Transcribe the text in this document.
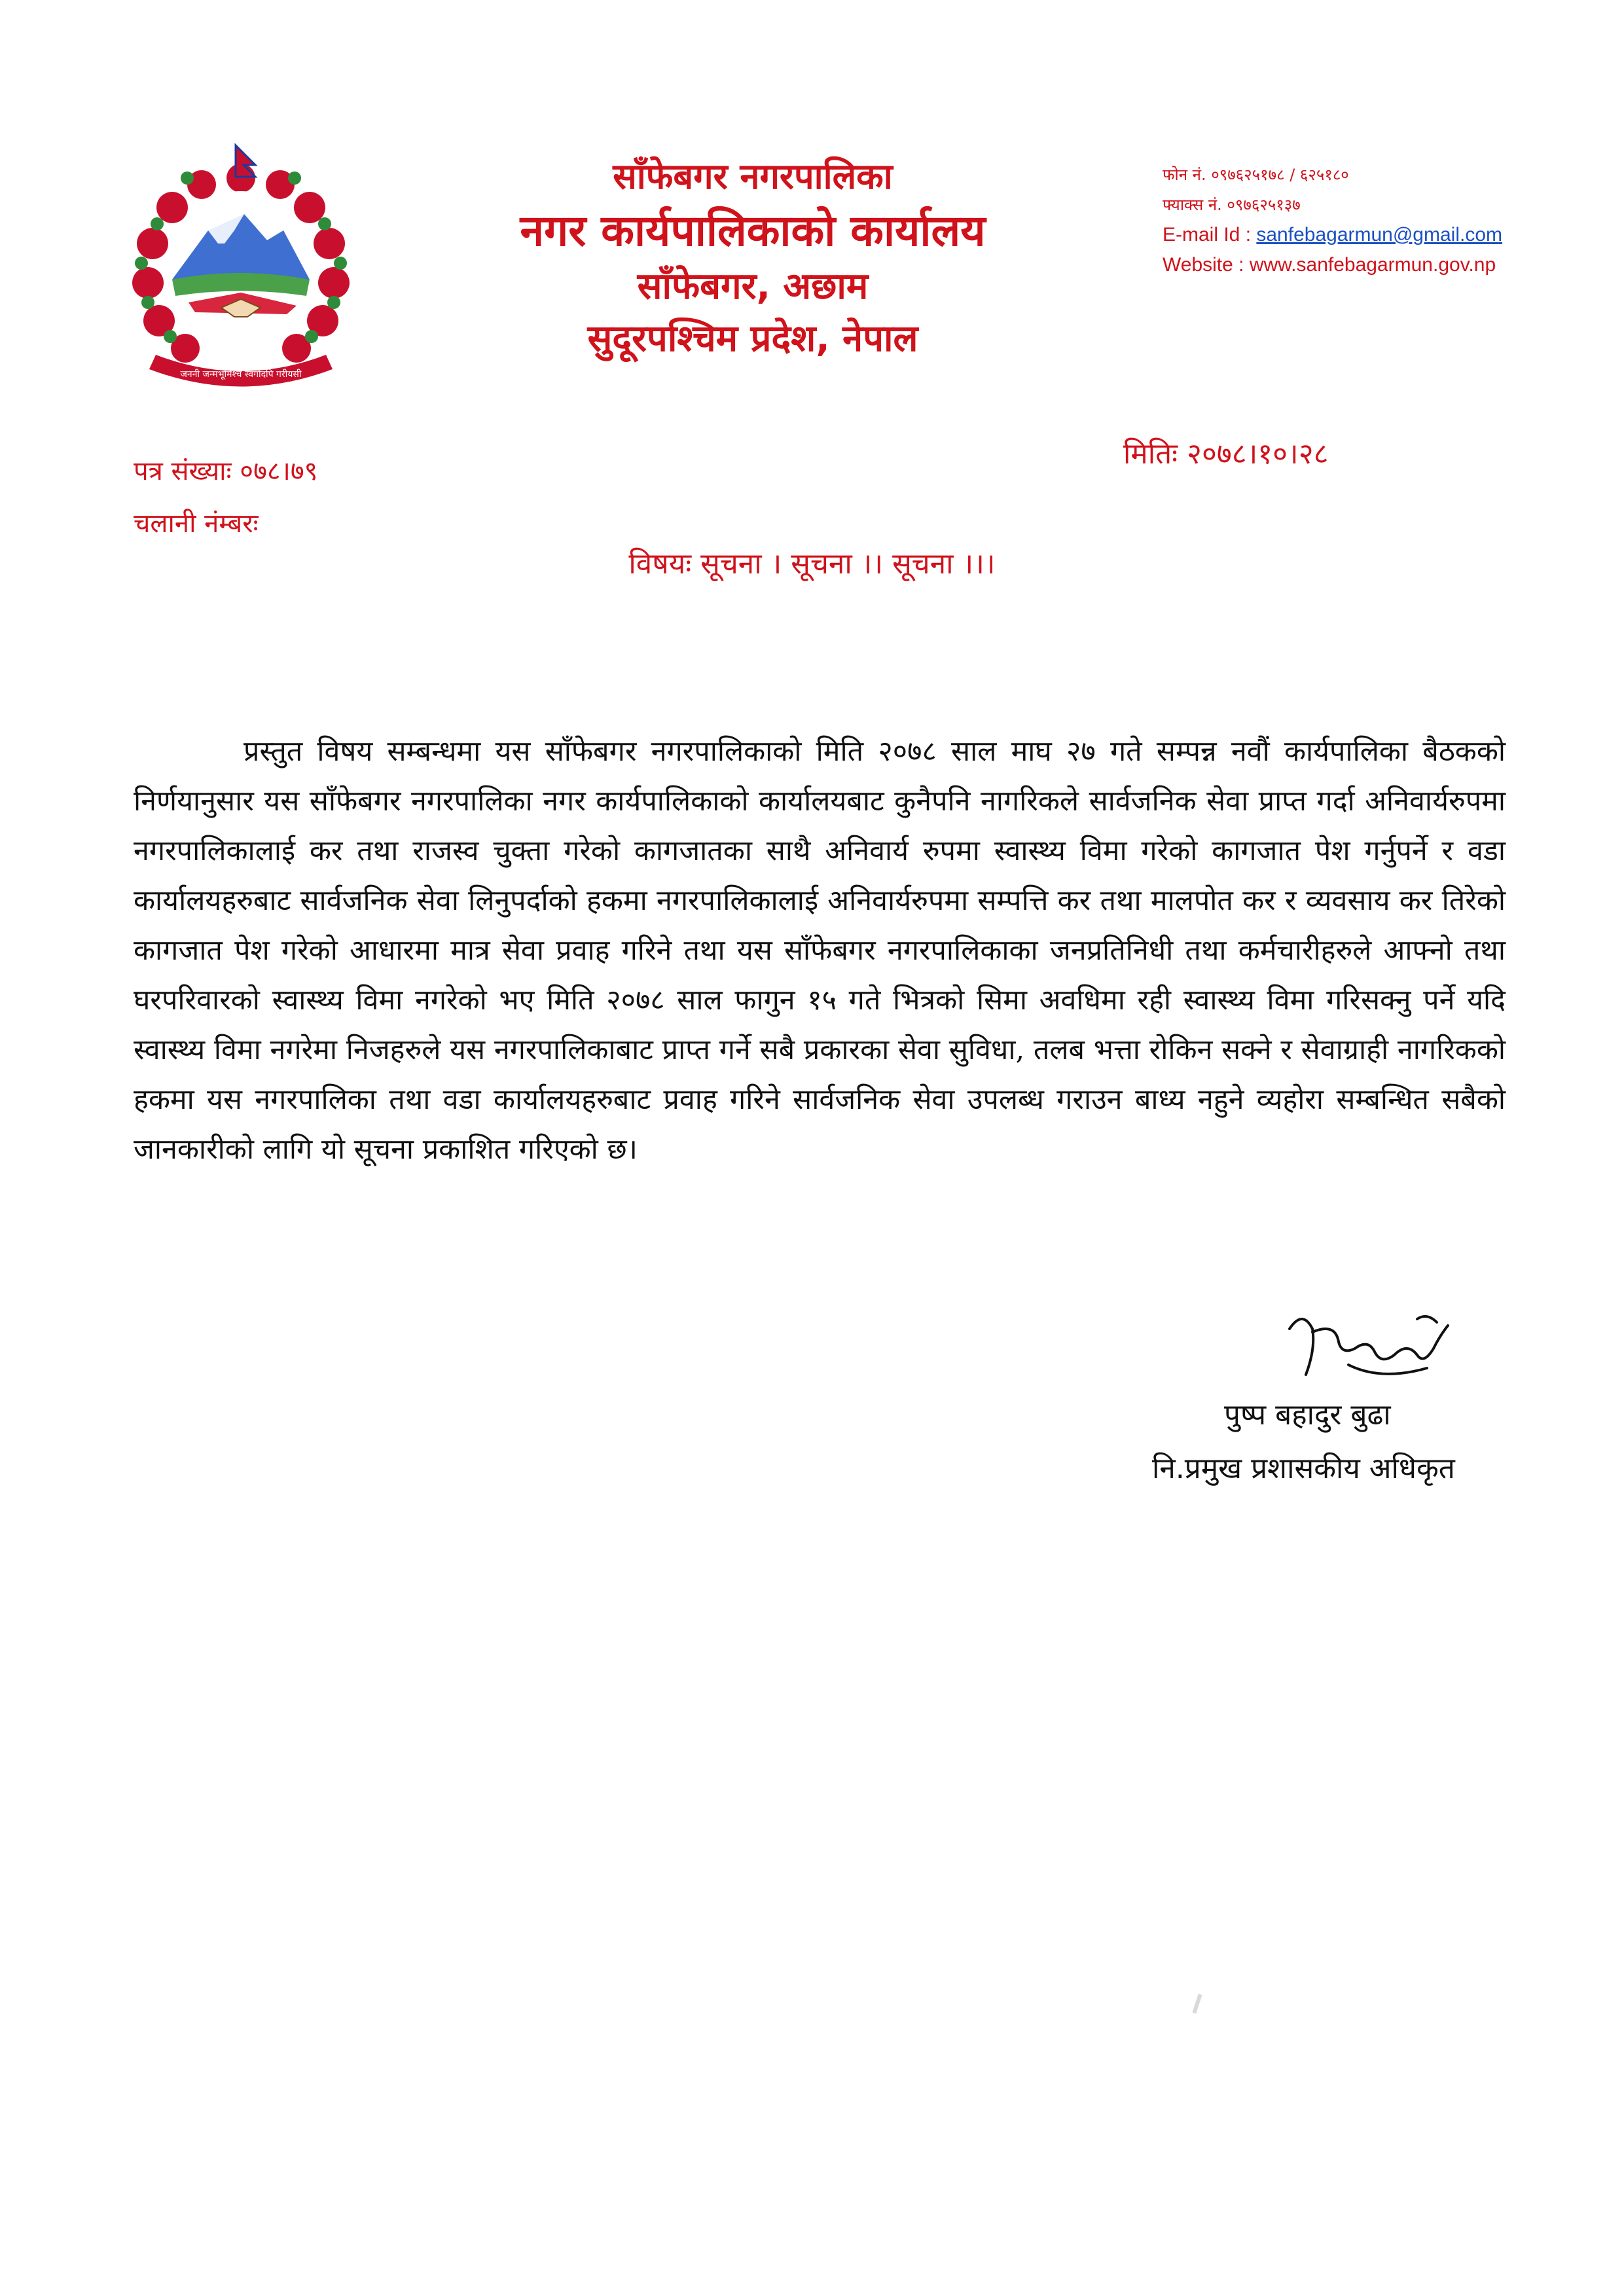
जननी जन्मभूमिश्च स्वर्गादपि गरीयसी
साँफेबगर नगरपालिका
नगर कार्यपालिकाको कार्यालय
साँफेबगर, अछाम
सुदूरपश्चिम प्रदेश, नेपाल
फोन नं. ०९७६२५१७८ / ६२५१८०
फ्याक्स नं. ०९७६२५१३७
E-mail Id : sanfebagarmun@gmail.com
Website : www.sanfebagarmun.gov.np
पत्र संख्याः ०७८।७९
चलानी नंम्बरः
मितिः २०७८।१०।२८
विषयः सूचना । सूचना ।। सूचना ।।।
प्रस्तुत विषय सम्बन्धमा यस साँफेबगर नगरपालिकाको मिति २०७८ साल माघ २७ गते सम्पन्न नवौं कार्यपालिका बैठकको निर्णयानुसार यस साँफेबगर नगरपालिका नगर कार्यपालिकाको कार्यालयबाट कुनैपनि नागरिकले सार्वजनिक सेवा प्राप्त गर्दा अनिवार्यरुपमा नगरपालिकालाई कर तथा राजस्व चुक्ता गरेको कागजातका साथै अनिवार्य रुपमा स्वास्थ्य विमा गरेको कागजात पेश गर्नुपर्ने र वडा कार्यालयहरुबाट सार्वजनिक सेवा लिनुपर्दाको हकमा नगरपालिकालाई अनिवार्यरुपमा सम्पत्ति कर तथा मालपोत कर र व्यवसाय कर तिरेको कागजात पेश गरेको आधारमा मात्र सेवा प्रवाह गरिने तथा यस साँफेबगर नगरपालिकाका जनप्रतिनिधी तथा कर्मचारीहरुले आफ्नो तथा घरपरिवारको स्वास्थ्य विमा नगरेको भए मिति २०७८ साल फागुन १५ गते भित्रको सिमा अवधिमा रही स्वास्थ्य विमा गरिसक्नु पर्ने यदि स्वास्थ्य विमा नगरेमा निजहरुले यस नगरपालिकाबाट प्राप्त गर्ने सबै प्रकारका सेवा सुविधा, तलब भत्ता रोकिन सक्ने र सेवाग्राही नागरिकको हकमा यस नगरपालिका तथा वडा कार्यालयहरुबाट प्रवाह गरिने सार्वजनिक सेवा उपलब्ध गराउन बाध्य नहुने व्यहोरा सम्बन्धित सबैको जानकारीको लागि यो सूचना प्रकाशित गरिएको छ।
पुष्प बहादुर बुढा
नि.प्रमुख प्रशासकीय अधिकृत
